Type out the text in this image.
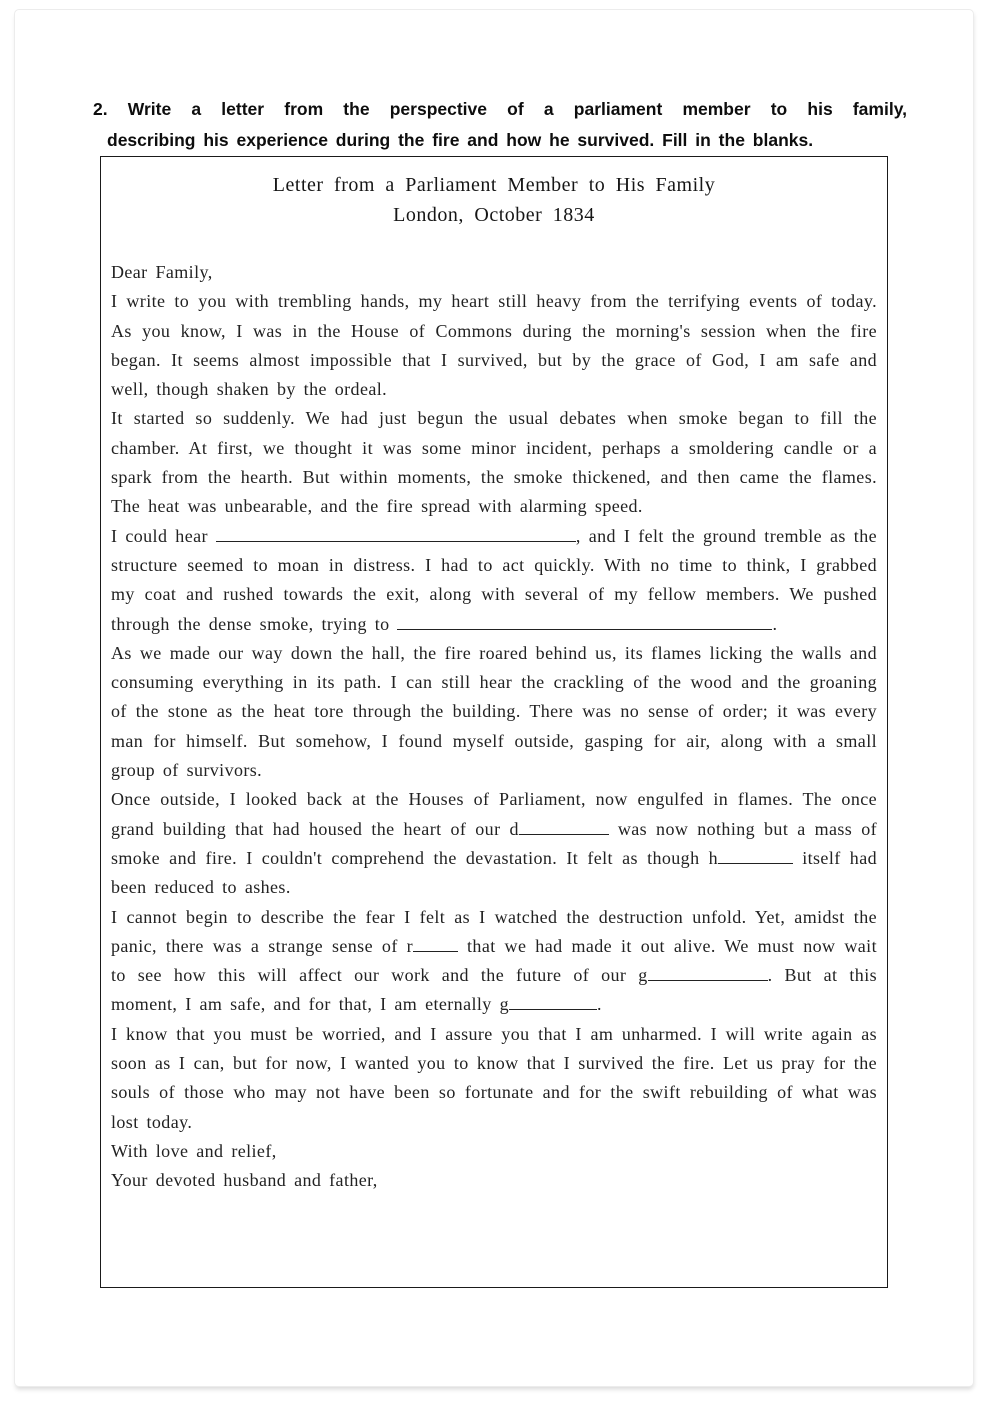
2. Write a letter from the perspective of a parliament member to his family,
describing his experience during the fire and how he survived. Fill in the blanks.
Letter from a Parliament Member to His Family
London, October 1834
Dear Family,
I write to you with trembling hands, my heart still heavy from the terrifying events of today. As you know, I was in the House of Commons during the morning's session when the fire began. It seems almost impossible that I survived, but by the grace of God, I am safe and well, though shaken by the ordeal.
It started so suddenly. We had just begun the usual debates when smoke began to fill the chamber. At first, we thought it was some minor incident, perhaps a smoldering candle or a spark from the hearth. But within moments, the smoke thickened, and then came the flames. The heat was unbearable, and the fire spread with alarming speed.
I could hear	, and I felt the ground tremble as the structure seemed to moan in distress. I had to act quickly. With no time to think, I grabbed my coat and rushed towards the exit, along with several of my fellow members. We pushed through the dense smoke, trying to	.
As we made our way down the hall, the fire roared behind us, its flames licking the walls and consuming everything in its path. I can still hear the crackling of the wood and the groaning of the stone as the heat tore through the building. There was no sense of order; it was every man for himself. But somehow, I found myself outside, gasping for air, along with a small group of survivors.
Once outside, I looked back at the Houses of Parliament, now engulfed in flames. The once grand building that had housed the heart of our d	was now nothing but a mass of smoke and fire. I couldn't comprehend the devastation. It felt as though h	itself had been reduced to ashes.
I cannot begin to describe the fear I felt as I watched the destruction unfold. Yet, amidst the panic, there was a strange sense of r	that we had made it out alive. We must now wait to see how this will affect our work and the future of our g	. But at this moment, I am safe, and for that, I am eternally g	.
I know that you must be worried, and I assure you that I am unharmed. I will write again as soon as I can, but for now, I wanted you to know that I survived the fire. Let us pray for the souls of those who may not have been so fortunate and for the swift rebuilding of what was lost today.
With love and relief,
Your devoted husband and father,
